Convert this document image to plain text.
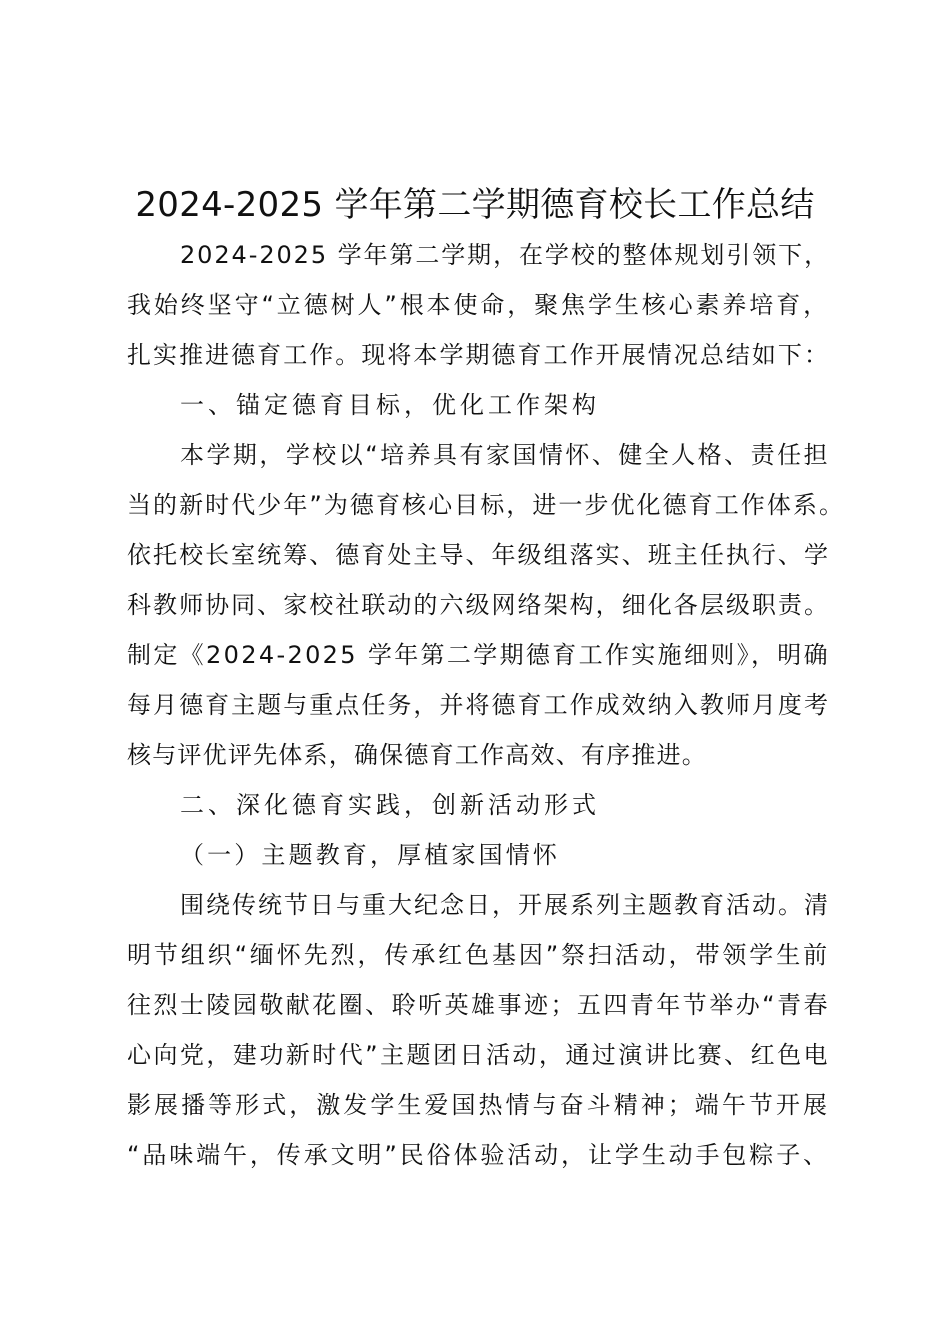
2024-2025 学年第二学期德育校长工作总结
2024-2025 学年第二学期，在学校的整体规划引领下，
我始终坚守“立德树人”根本使命，聚焦学生核心素养培育，
扎实推进德育工作。现将本学期德育工作开展情况总结如下：
一、锚定德育目标，优化工作架构
本学期，学校以“培养具有家国情怀、健全人格、责任担
当的新时代少年”为德育核心目标，进一步优化德育工作体系。
依托校长室统筹、德育处主导、年级组落实、班主任执行、学
科教师协同、家校社联动的六级网络架构，细化各层级职责。
制定《2024-2025 学年第二学期德育工作实施细则》，明确
每月德育主题与重点任务，并将德育工作成效纳入教师月度考
核与评优评先体系，确保德育工作高效、有序推进。
二、深化德育实践，创新活动形式
（一）主题教育，厚植家国情怀
围绕传统节日与重大纪念日，开展系列主题教育活动。清
明节组织“缅怀先烈，传承红色基因”祭扫活动，带领学生前
往烈士陵园敬献花圈、聆听英雄事迹；五四青年节举办“青春
心向党，建功新时代”主题团日活动，通过演讲比赛、红色电
影展播等形式，激发学生爱国热情与奋斗精神；端午节开展
“品味端午，传承文明”民俗体验活动，让学生动手包粽子、
